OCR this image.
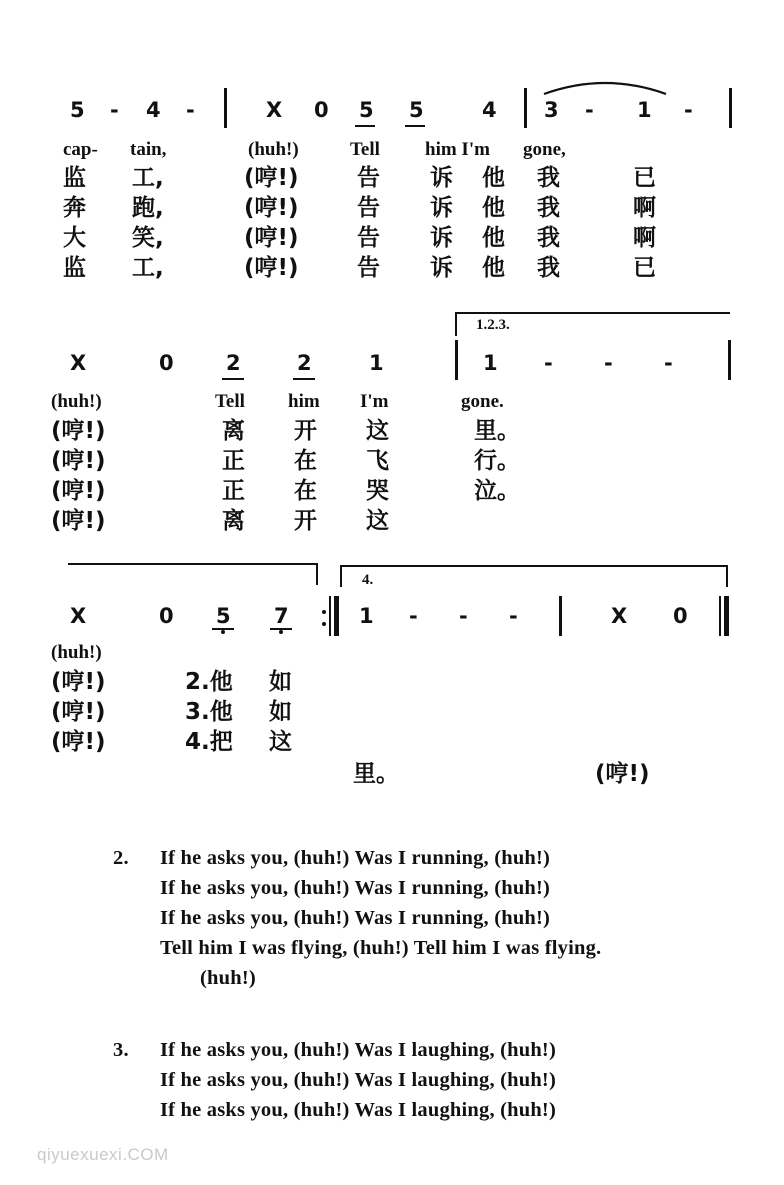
5 - 4 -	X 0 5 5	4 3 - 1 -
cap- tain,	(huh!)	Tell him I'm gone,
监 工,	(哼!)	告 诉 他 我	已
奔 跑,	(哼!)	告 诉 他 我	啊
大 笑,	(哼!)	告 诉 他 我	啊
监 工,	(哼!)	告 诉 他 我	已
1.2.3.
X	0 2	2	1	1 - - -
(huh!)	Tell him I'm	gone.
(哼!)	离 开 这	里。
(哼!)	正 在 飞	行。
(哼!)	正 在 哭	泣。
(哼!)	离 开 这
4.
X	0 5 7	1 - - -	X 0
(huh!)
(哼!)	2.他 如
(哼!)	3.他 如
(哼!)	4.把 这
里。	(哼!)
2. If he asks you, (huh!) Was I running, (huh!)
If he asks you, (huh!) Was I running, (huh!)
If he asks you, (huh!) Was I running, (huh!)
Tell him I was flying, (huh!) Tell him I was flying.
(huh!)
3. If he asks you, (huh!) Was I laughing, (huh!)
If he asks you, (huh!) Was I laughing, (huh!)
If he asks you, (huh!) Was I laughing, (huh!)
qiyuexuexi.COM
